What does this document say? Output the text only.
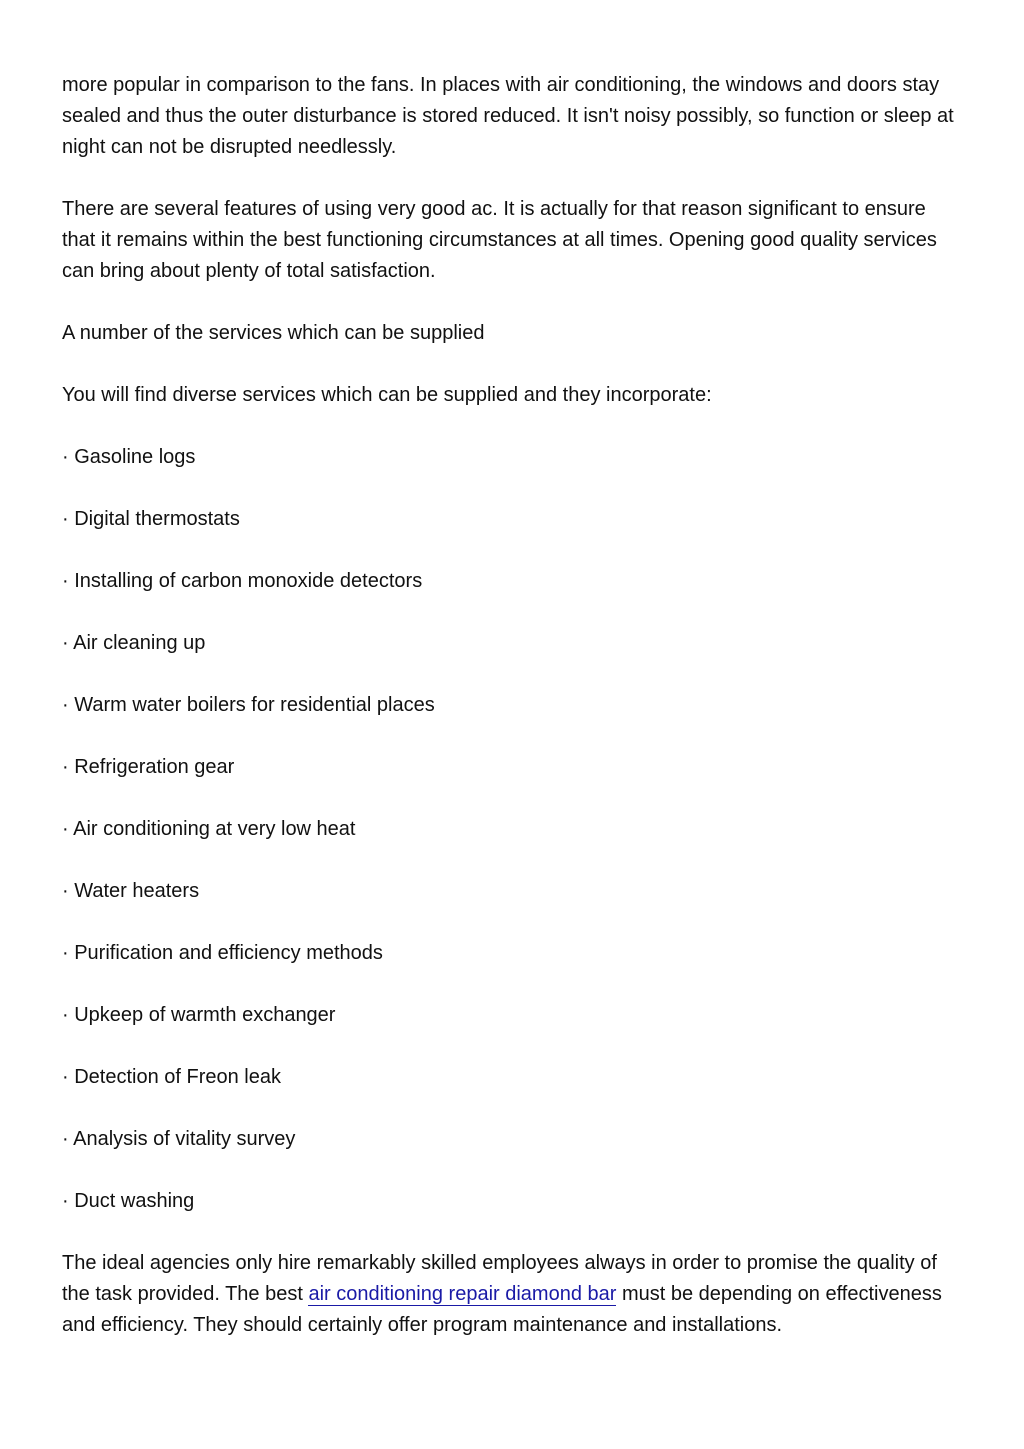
more popular in comparison to the fans. In places with air conditioning, the windows and doors stay sealed and thus the outer disturbance is stored reduced. It isn't noisy possibly, so function or sleep at night can not be disrupted needlessly.

There are several features of using very good ac. It is actually for that reason significant to ensure that it remains within the best functioning circumstances at all times. Opening good quality services can bring about plenty of total satisfaction.

A number of the services which can be supplied

You will find diverse services which can be supplied and they incorporate:

· Gasoline logs

· Digital thermostats

· Installing of carbon monoxide detectors

· Air cleaning up

· Warm water boilers for residential places

· Refrigeration gear

· Air conditioning at very low heat

· Water heaters

· Purification and efficiency methods

· Upkeep of warmth exchanger

· Detection of Freon leak

· Analysis of vitality survey

· Duct washing

The ideal agencies only hire remarkably skilled employees always in order to promise the quality of the task provided. The best air conditioning repair diamond bar must be depending on effectiveness and efficiency. They should certainly offer program maintenance and installations.
